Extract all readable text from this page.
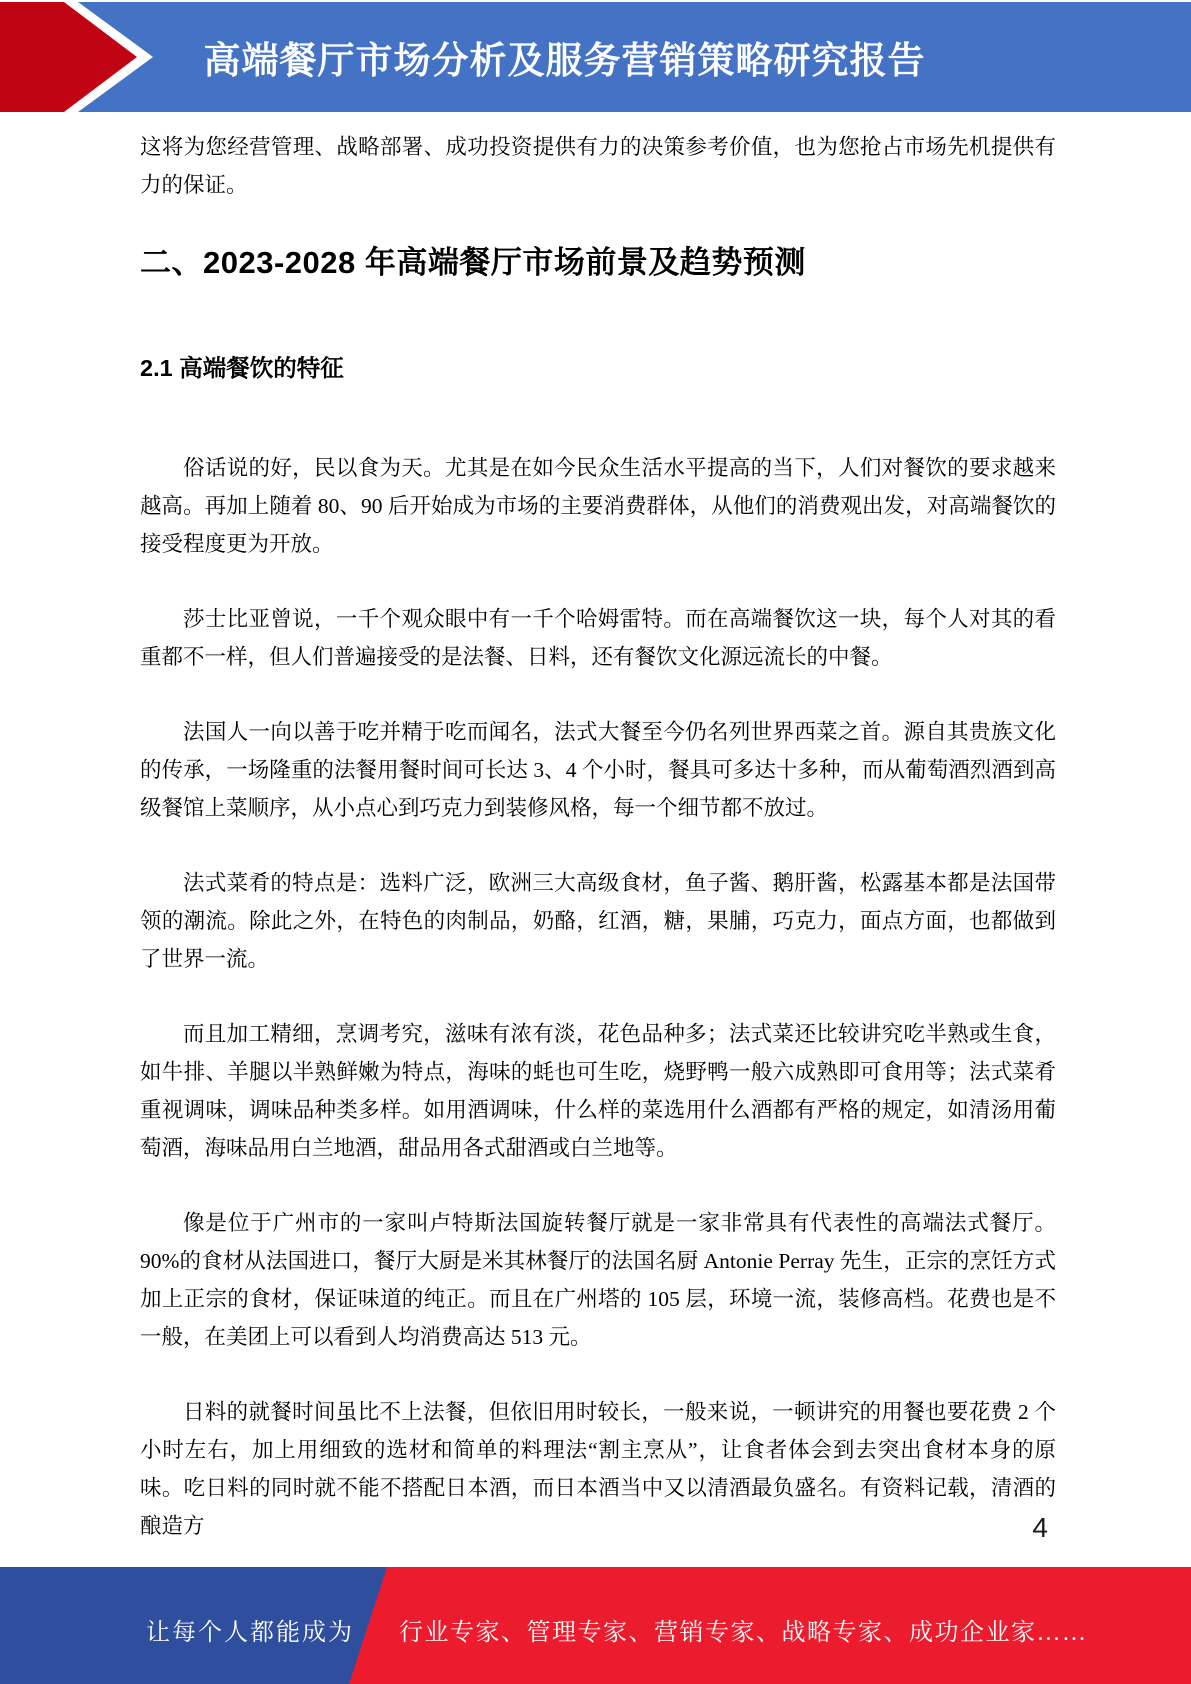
高端餐厅市场分析及服务营销策略研究报告

这将为您经营管理、战略部署、成功投资提供有力的决策参考价值，也为您抢占市场先机提供有力的保证。

二、2023-2028 年高端餐厅市场前景及趋势预测
2.1 高端餐饮的特征

俗话说的好，民以食为天。尤其是在如今民众生活水平提高的当下，人们对餐饮的要求越来越高。再加上随着 80、90 后开始成为市场的主要消费群体，从他们的消费观出发，对高端餐饮的接受程度更为开放。

莎士比亚曾说，一千个观众眼中有一千个哈姆雷特。而在高端餐饮这一块，每个人对其的看重都不一样，但人们普遍接受的是法餐、日料，还有餐饮文化源远流长的中餐。

法国人一向以善于吃并精于吃而闻名，法式大餐至今仍名列世界西菜之首。源自其贵族文化的传承，一场隆重的法餐用餐时间可长达 3、4 个小时，餐具可多达十多种，而从葡萄酒烈酒到高级餐馆上菜顺序，从小点心到巧克力到装修风格，每一个细节都不放过。

法式菜肴的特点是：选料广泛，欧洲三大高级食材，鱼子酱、鹅肝酱，松露基本都是法国带领的潮流。除此之外，在特色的肉制品，奶酪，红酒，糖，果脯，巧克力，面点方面，也都做到了世界一流。

而且加工精细，烹调考究，滋味有浓有淡，花色品种多；法式菜还比较讲究吃半熟或生食，如牛排、羊腿以半熟鲜嫩为特点，海味的蚝也可生吃，烧野鸭一般六成熟即可食用等；法式菜肴重视调味，调味品种类多样。如用酒调味，什么样的菜选用什么酒都有严格的规定，如清汤用葡萄酒，海味品用白兰地酒，甜品用各式甜酒或白兰地等。

像是位于广州市的一家叫卢特斯法国旋转餐厅就是一家非常具有代表性的高端法式餐厅。90%的食材从法国进口，餐厅大厨是米其林餐厅的法国名厨 Antonie Perray 先生，正宗的烹饪方式加上正宗的食材，保证味道的纯正。而且在广州塔的 105 层，环境一流，装修高档。花费也是不一般，在美团上可以看到人均消费高达 513 元。

日料的就餐时间虽比不上法餐，但依旧用时较长，一般来说，一顿讲究的用餐也要花费 2 个小时左右，加上用细致的选材和简单的料理法“割主烹从”，让食者体会到去突出食材本身的原味。吃日料的同时就不能不搭配日本酒，而日本酒当中又以清酒最负盛名。有资料记载，清酒的酿造方	4
让每个人都能成为 行业专家、管理专家、营销专家、战略专家、成功企业家……
